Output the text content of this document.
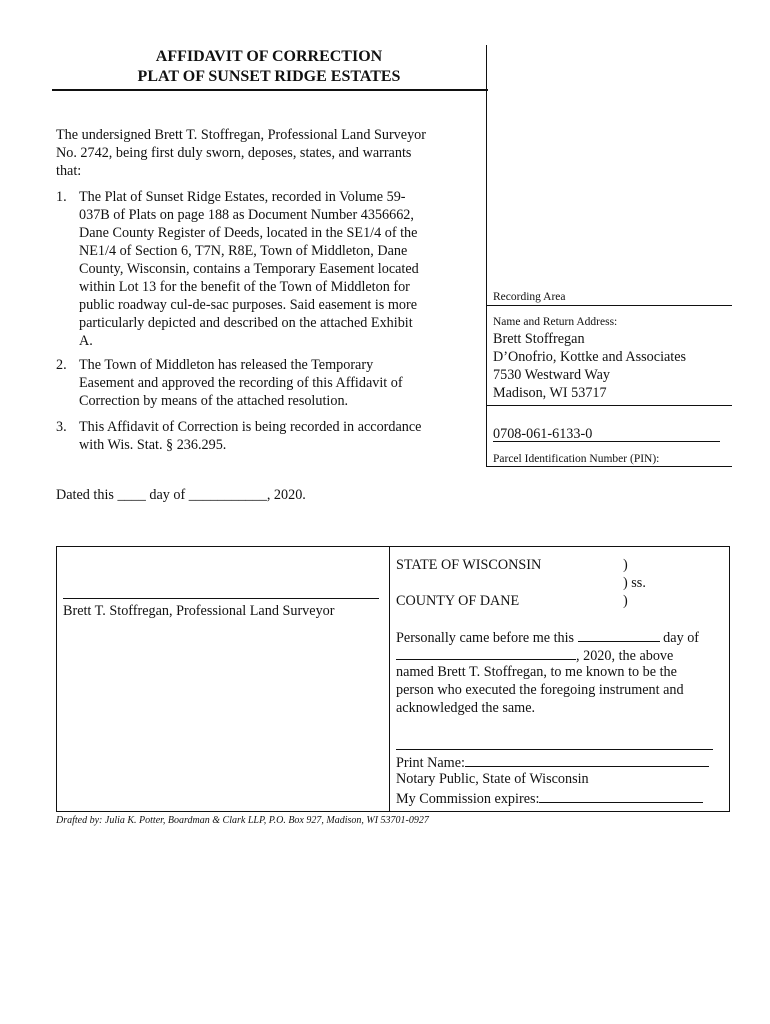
AFFIDAVIT OF CORRECTION
PLAT OF SUNSET RIDGE ESTATES
The undersigned Brett T. Stoffregan, Professional Land Surveyor
No. 2742, being first duly sworn, deposes, states, and warrants
that:
1. The Plat of Sunset Ridge Estates, recorded in Volume 59-
037B of Plats on page 188 as Document Number 4356662,
Dane County Register of Deeds, located in the SE1/4 of the
NE1/4 of Section 6, T7N, R8E, Town of Middleton, Dane
County, Wisconsin, contains a Temporary Easement located
within Lot 13 for the benefit of the Town of Middleton for
public roadway cul-de-sac purposes. Said easement is more
particularly depicted and described on the attached Exhibit
A.
2. The Town of Middleton has released the Temporary
Easement and approved the recording of this Affidavit of
Correction by means of the attached resolution.
3. This Affidavit of Correction is being recorded in accordance
with Wis. Stat. § 236.295.
Dated this ____ day of ___________, 2020.
Recording Area
Name and Return Address:
Brett Stoffregan
D’Onofrio, Kottke and Associates
7530 Westward Way
Madison, WI 53717
0708-061-6133-0
Parcel Identification Number (PIN):
Brett T. Stoffregan, Professional Land Surveyor
STATE OF WISCONSIN	)
) ss.
COUNTY OF DANE	)
Personally came before me this	day of
, 2020, the above
named Brett T. Stoffregan, to me known to be the
person who executed the foregoing instrument and
acknowledged the same.
Print Name:
Notary Public, State of Wisconsin
My Commission expires:
Drafted by: Julia K. Potter, Boardman & Clark LLP, P.O. Box 927, Madison, WI 53701-0927
